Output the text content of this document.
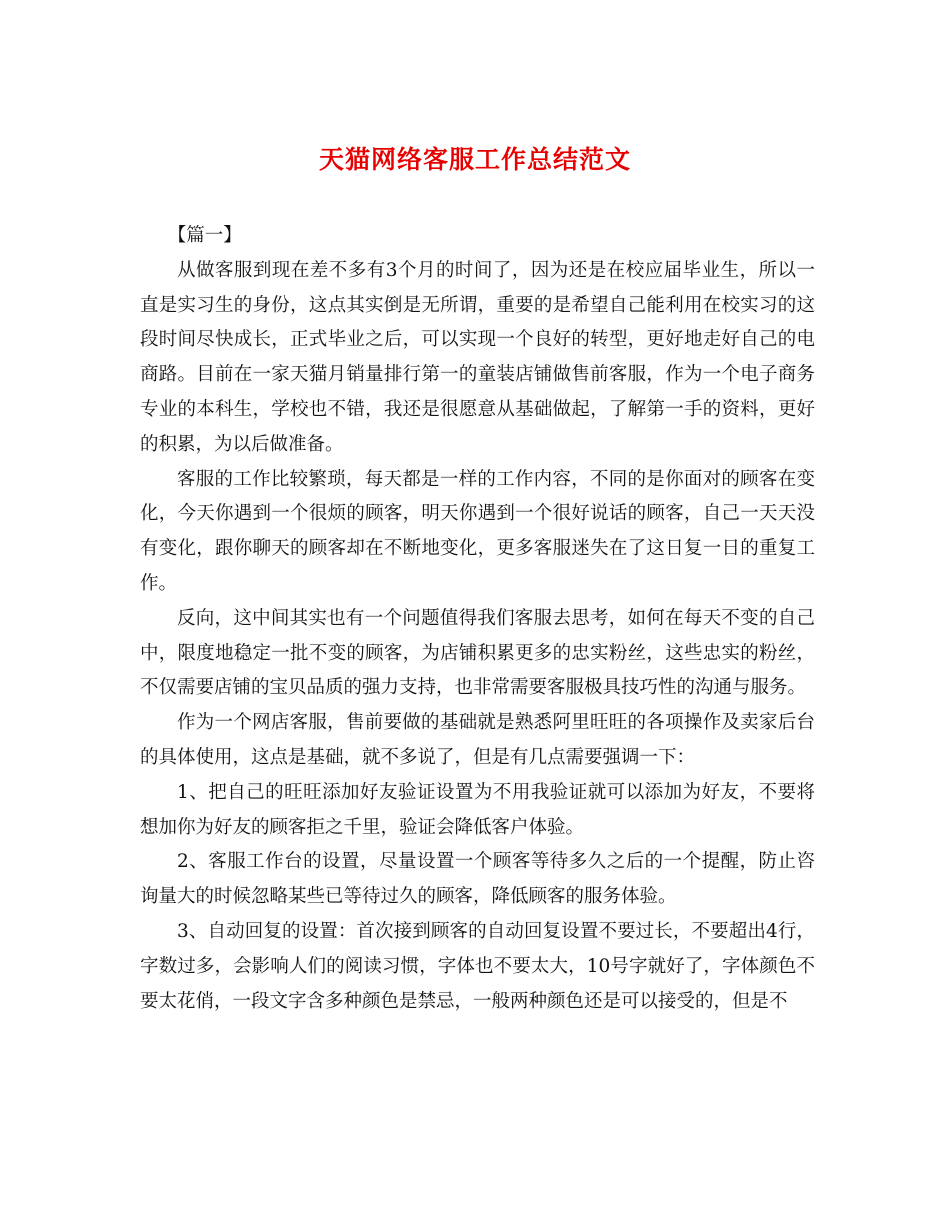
天猫网络客服工作总结范文

【篇一】

从做客服到现在差不多有3个月的时间了，因为还是在校应届毕业生，所以一直是实习生的身份，这点其实倒是无所谓，重要的是希望自己能利用在校实习的这段时间尽快成长，正式毕业之后，可以实现一个良好的转型，更好地走好自己的电商路。目前在一家天猫月销量排行第一的童装店铺做售前客服，作为一个电子商务专业的本科生，学校也不错，我还是很愿意从基础做起，了解第一手的资料，更好的积累，为以后做准备。

客服的工作比较繁琐，每天都是一样的工作内容，不同的是你面对的顾客在变化，今天你遇到一个很烦的顾客，明天你遇到一个很好说话的顾客，自己一天天没有变化，跟你聊天的顾客却在不断地变化，更多客服迷失在了这日复一日的重复工作。

反向，这中间其实也有一个问题值得我们客服去思考，如何在每天不变的自己中，限度地稳定一批不变的顾客，为店铺积累更多的忠实粉丝，这些忠实的粉丝，不仅需要店铺的宝贝品质的强力支持，也非常需要客服极具技巧性的沟通与服务。

作为一个网店客服，售前要做的基础就是熟悉阿里旺旺的各项操作及卖家后台的具体使用，这点是基础，就不多说了，但是有几点需要强调一下：

1、把自己的旺旺添加好友验证设置为不用我验证就可以添加为好友，不要将想加你为好友的顾客拒之千里，验证会降低客户体验。

2、客服工作台的设置，尽量设置一个顾客等待多久之后的一个提醒，防止咨询量大的时候忽略某些已等待过久的顾客，降低顾客的服务体验。

3、自动回复的设置：首次接到顾客的自动回复设置不要过长，不要超出4行，字数过多，会影响人们的阅读习惯，字体也不要太大，10号字就好了，字体颜色不要太花俏，一段文字含多种颜色是禁忌，一般两种颜色还是可以接受的，但是不
